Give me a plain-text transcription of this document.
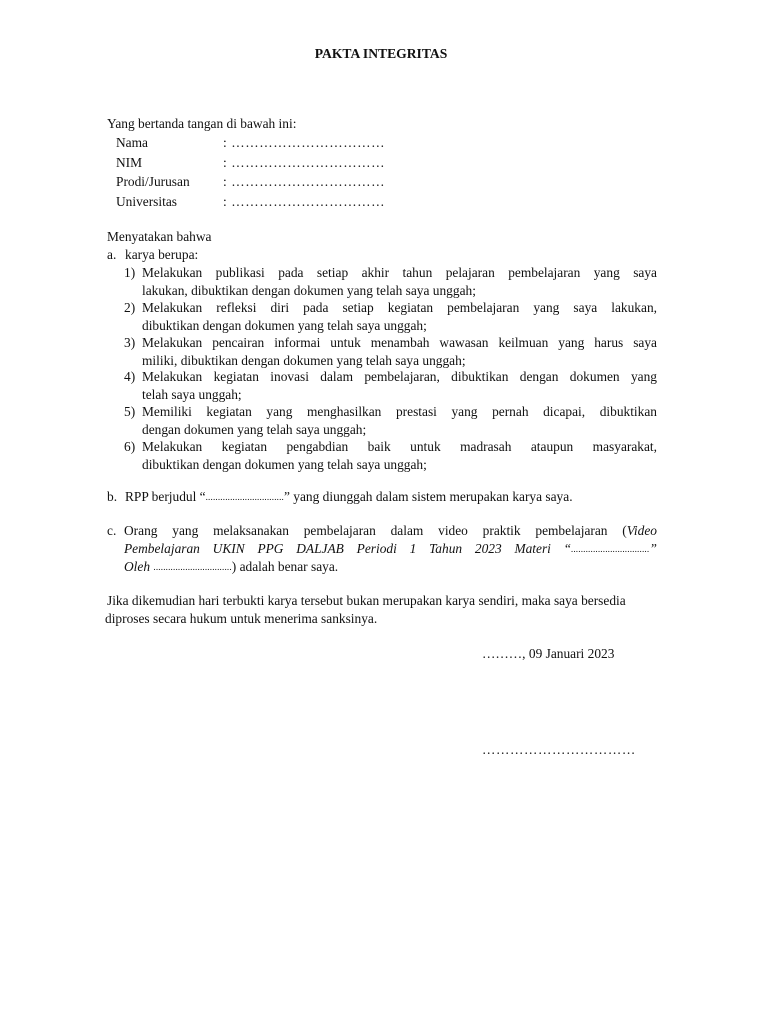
PAKTA INTEGRITAS
Yang bertanda tangan di bawah ini:
Nama	: ……………………………
NIM	: ……………………………
Prodi/Jurusan : ……………………………
Universitas	: ……………………………
Menyatakan bahwa
a. karya berupa:
1) Melakukan publikasi pada setiap akhir tahun pelajaran pembelajaran yang saya
lakukan, dibuktikan dengan dokumen yang telah saya unggah;
2) Melakukan refleksi diri pada setiap kegiatan pembelajaran yang saya lakukan,
dibuktikan dengan dokumen yang telah saya unggah;
3) Melakukan pencairan informai untuk menambah wawasan keilmuan yang harus saya
miliki, dibuktikan dengan dokumen yang telah saya unggah;
4) Melakukan kegiatan inovasi dalam pembelajaran, dibuktikan dengan dokumen yang
telah saya unggah;
5) Memiliki kegiatan yang menghasilkan prestasi yang pernah dicapai, dibuktikan
dengan dokumen yang telah saya unggah;
6) Melakukan kegiatan pengabdian baik untuk madrasah ataupun masyarakat,
dibuktikan dengan dokumen yang telah saya unggah;
b. RPP berjudul “................................” yang diunggah dalam sistem merupakan karya saya.
c. Orang yang melaksanakan pembelajaran dalam video praktik pembelajaran (Video
Pembelajaran UKIN PPG DALJAB Periodi 1 Tahun 2023 Materi “................................”
Oleh ................................) adalah benar saya.
Jika dikemudian hari terbukti karya tersebut bukan merupakan karya sendiri, maka saya bersedia
diproses secara hukum untuk menerima sanksinya.
………, 09 Januari 2023
……………………………
